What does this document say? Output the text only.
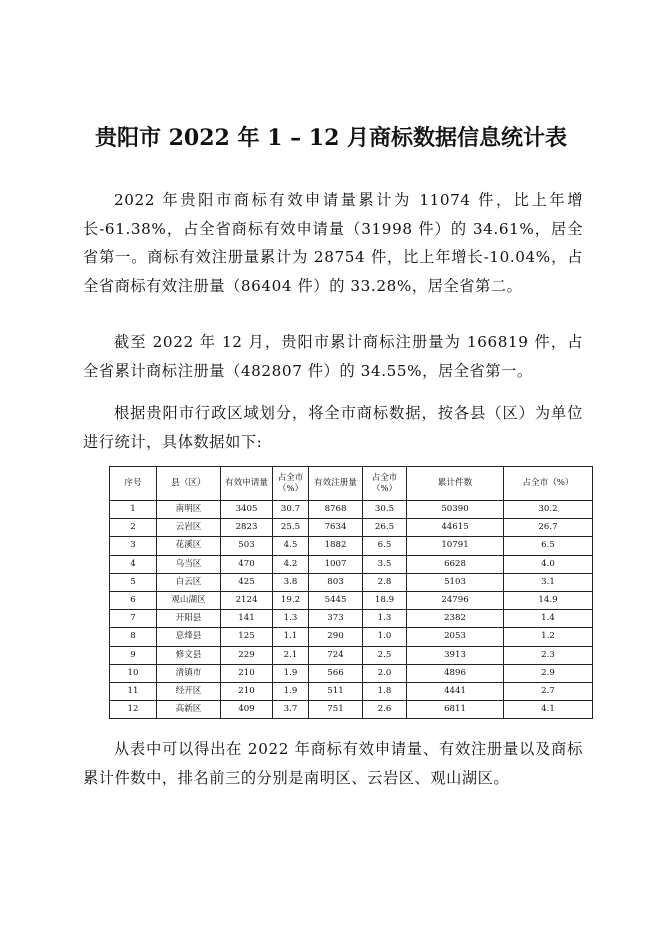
贵阳市 2022 年 1 – 12 月商标数据信息统计表

2022 年贵阳市商标有效申请量累计为 11074 件，比上年增长-61.38%，占全省商标有效申请量（31998 件）的 34.61%，居全省第一。商标有效注册量累计为 28754 件，比上年增长-10.04%，占全省商标有效注册量（86404 件）的 33.28%，居全省第二。

截至 2022 年 12 月，贵阳市累计商标注册量为 166819 件，占全省累计商标注册量（482807 件）的 34.55%，居全省第一。

根据贵阳市行政区域划分，将全市商标数据，按各县（区）为单位进行统计，具体数据如下:

序号	县（区）	有效申请量	占全市（%）	有效注册量	占全市（%）	累计件数	占全市（%）
1	南明区	3405	30.7	8768	30.5	50390	30.2
2	云岩区	2823	25.5	7634	26.5	44615	26.7
3	花溪区	503	4.5	1882	6.5	10791	6.5
4	乌当区	470	4.2	1007	3.5	6628	4.0
5	白云区	425	3.8	803	2.8	5103	3.1
6	观山湖区	2124	19.2	5445	18.9	24796	14.9
7	开阳县	141	1.3	373	1.3	2382	1.4
8	息烽县	125	1.1	290	1.0	2053	1.2
9	修文县	229	2.1	724	2.5	3913	2.3
10	清镇市	210	1.9	566	2.0	4896	2.9
11	经开区	210	1.9	511	1.8	4441	2.7
12	高新区	409	3.7	751	2.6	6811	4.1

从表中可以得出在 2022 年商标有效申请量、有效注册量以及商标累计件数中，排名前三的分别是南明区、云岩区、观山湖区。
